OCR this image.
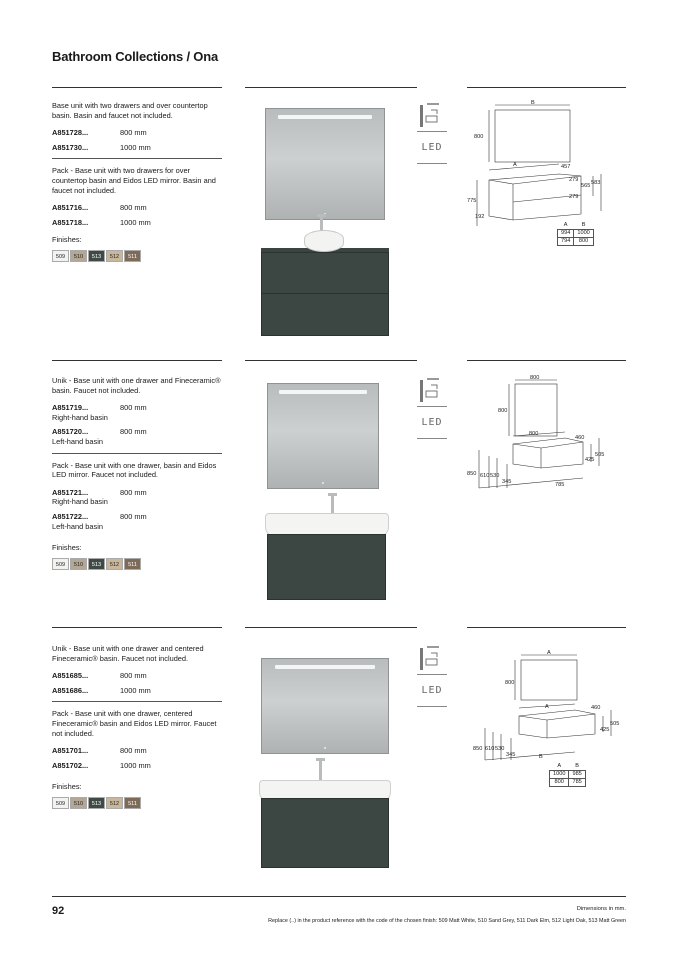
Bathroom Collections / Ona
Base unit with two drawers and over countertop basin. Basin and faucet not included.
A851728...	800 mm
A851730...	1000 mm
Pack - Base unit with two drawers for over countertop basin and Eidos LED mirror. Basin and faucet not included.
A851716...	800 mm
A851718...	1000 mm
Finishes:
509	510	513	512	511
LED
B
800
A	457
279
565 583
279
775
192
A	B
994	1000
794	800
Unik - Base unit with one drawer and Fineceramic® basin. Faucet not included.
A851719...	800 mm
Right-hand basin
A851720...	800 mm
Left-hand basin
Pack - Base unit with one drawer, basin and Eidos LED mirror. Faucet not included.
A851721...	800 mm
Right-hand basin
A851722...	800 mm
Left-hand basin
Finishes:
509	510	513	512	511
LED
800
800
800
460
505
425
850 610 530
345	785
Unik - Base unit with one drawer and centered Fineceramic® basin. Faucet not included.
A851685...	800 mm
A851686...	1000 mm
Pack - Base unit with one drawer, centered Fineceramic® basin and Eidos LED mirror. Faucet not included.
A851701...	800 mm
A851702...	1000 mm
Finishes:
509	510	513	512	511
LED
A
800
A	460
505
425
850 610 530
345	B
A	B
1000	985
800	785
92	Dimensions in mm.
Replace (..) in the product reference with the code of the chosen finish: 509 Matt White, 510 Sand Grey, 511 Dark Elm, 512 Light Oak, 513 Matt Green
